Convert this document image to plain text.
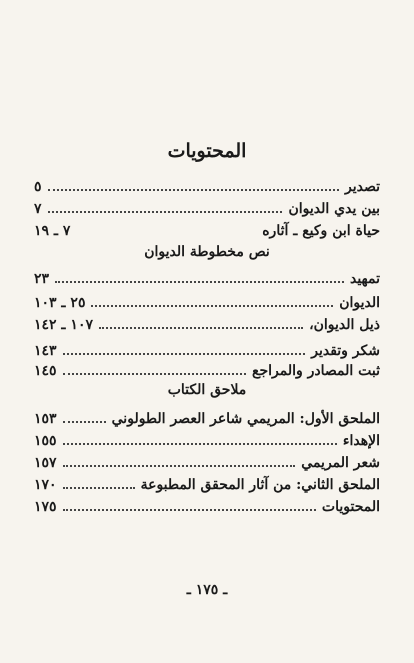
المحتويات
تصدير
٥
بين يدي الديوان
٧
حياة ابن وكيع ـ آثاره
٧ ـ ١٩
نص مخطوطة الديوان
تمهيد
٢٣
الديوان
٢٥ ـ ١٠٣
ذيل الديوان،
١٠٧ ـ ١٤٢
شكر وتقدير
١٤٣
ثبت المصادر والمراجع
١٤٥
ملاحق الكتاب
الملحق الأول: المريمي شاعر العصر الطولوني
١٥٣
الإهداء
١٥٥
شعر المريمي
١٥٧
الملحق الثاني: من آثار المحقق المطبوعة
١٧٠
المحتويات
١٧٥
ـ ١٧٥ ـ
